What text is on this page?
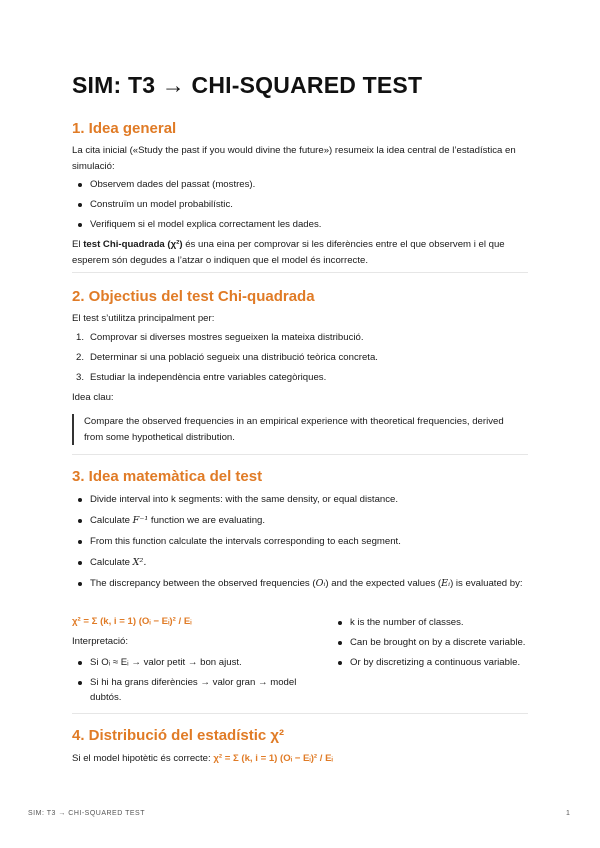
SIM: T3 → CHI-SQUARED TEST
1. Idea general

La cita inicial («Study the past if you would divine the future») resumeix la idea central de l’estadística en simulació:

Observem dades del passat (mostres).
Construïm un model probabilístic.
Verifiquem si el model explica correctament les dades.

El test Chi-quadrada (χ²) és una eina per comprovar si les diferències entre el que observem i el que esperem són degudes a l’atzar o indiquen que el model és incorrecte.

2. Objectius del test Chi-quadrada

El test s’utilitza principalment per:

1. Comprovar si diverses mostres segueixen la mateixa distribució.
2. Determinar si una població segueix una distribució teòrica concreta.
3. Estudiar la independència entre variables categòriques.

Idea clau:

Compare the observed frequencies in an empirical experience with theoretical frequencies, derived from some hypothetical distribution.
3. Idea matemàtica del test
Divide interval into k segments: with the same density, or equal distance.
Calculate F⁻¹ function we are evaluating.
From this function calculate the intervals corresponding to each segment.
Calculate X².
The discrepancy between the observed frequencies (Oᵢ) and the expected values (Eᵢ) is evaluated by:

χ² = Σ (k, i = 1) (Oᵢ − Eᵢ)² / Eᵢ

Interpretació:

Si Oᵢ ≈ Eᵢ → valor petit → bon ajust.
Si hi ha grans diferències → valor gran → model dubtós.
k is the number of classes.
Can be brought on by a discrete variable.
Or by discretizing a continuous variable.
4. Distribució del estadístic χ²

Si el model hipotètic és correcte: χ² = Σ (k, i = 1) (Oᵢ − Eᵢ)² / Eᵢ

SIM: T3 → CHI-SQUARED TEST	1
